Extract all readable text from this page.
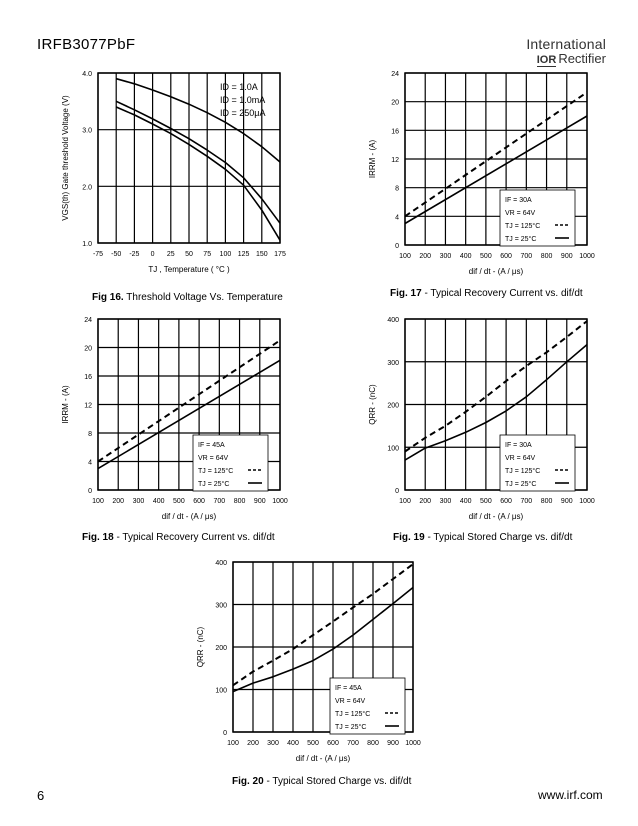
IRFB3077PbF	International
IOR Rectifier
-75 -50 -25 0 25 50 75 100 125 150 175
1.0
2.0
3.0
4.0
TJ , Temperature ( °C )
VGS(th) Gate threshold Voltage (V)
ID = 1.0A
ID = 1.0mA
ID = 250μA
100 200 300 400 500 600 700 800 900 1000
0
4
8
12
16
20
24
dif / dt - (A / μs)
IRRM - (A)
IF = 30A
VR = 64V
TJ = 125°C
TJ = 25°C
100 200 300 400 500 600 700 800 900 1000
0
4
8
12
16
20
24
dif / dt - (A / μs)
IRRM - (A)
IF = 45A
VR = 64V
TJ = 125°C
TJ = 25°C
100 200 300 400 500 600 700 800 900 1000
0
100
200
300
400
dif / dt - (A / μs)
QRR - (nC)
IF = 30A
VR = 64V
TJ = 125°C
TJ = 25°C
100 200 300 400 500 600 700 800 900 1000
0
100
200
300
400
dif / dt - (A / μs)
QRR - (nC)
IF = 45A
VR = 64V
TJ = 125°C
TJ = 25°C
Fig 16. Threshold Voltage Vs. Temperature	Fig. 17 - Typical Recovery Current vs. dif/dt
Fig. 18 - Typical Recovery Current vs. dif/dt	Fig. 19 - Typical Stored Charge vs. dif/dt
Fig. 20 - Typical Stored Charge vs. dif/dt
6	www.irf.com
